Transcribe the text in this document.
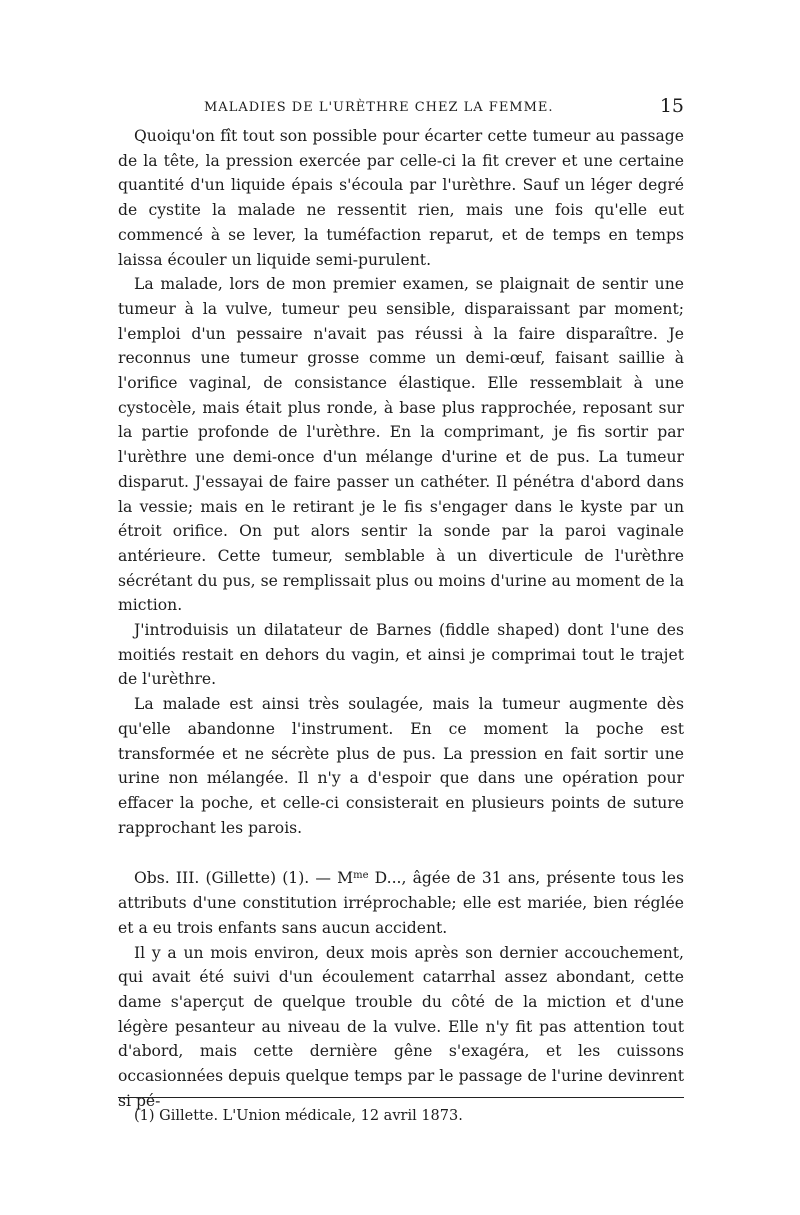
MALADIES DE L'URÈTHRE CHEZ LA FEMME.	15

Quoiqu'on fît tout son possible pour écarter cette tumeur au passage de la tête, la pression exercée par celle-ci la fit crever et une certaine quantité d'un liquide épais s'écoula par l'urèthre. Sauf un léger degré de cystite la malade ne ressentit rien, mais une fois qu'elle eut commencé à se lever, la tuméfaction reparut, et de temps en temps laissa écouler un liquide semi-purulent.

La malade, lors de mon premier examen, se plaignait de sentir une tumeur à la vulve, tumeur peu sensible, disparaissant par moment; l'emploi d'un pessaire n'avait pas réussi à la faire disparaître. Je reconnus une tumeur grosse comme un demi-œuf, faisant saillie à l'orifice vaginal, de consistance élastique. Elle ressemblait à une cystocèle, mais était plus ronde, à base plus rapprochée, reposant sur la partie profonde de l'urèthre. En la comprimant, je fis sortir par l'urèthre une demi-once d'un mélange d'urine et de pus. La tumeur disparut. J'essayai de faire passer un cathéter. Il pénétra d'abord dans la vessie; mais en le retirant je le fis s'engager dans le kyste par un étroit orifice. On put alors sentir la sonde par la paroi vaginale antérieure. Cette tumeur, semblable à un diverticule de l'urèthre sécrétant du pus, se remplissait plus ou moins d'urine au moment de la miction.

J'introduisis un dilatateur de Barnes (fiddle shaped) dont l'une des moitiés restait en dehors du vagin, et ainsi je comprimai tout le trajet de l'urèthre.

La malade est ainsi très soulagée, mais la tumeur augmente dès qu'elle abandonne l'instrument. En ce moment la poche est transformée et ne sécrète plus de pus. La pression en fait sortir une urine non mélangée. Il n'y a d'espoir que dans une opération pour effacer la poche, et celle-ci consisterait en plusieurs points de suture rapprochant les parois.

Obs. III. (Gillette) (1). — $M^{me}$ D..., âgée de 31 ans, présente tous les attributs d'une constitution irréprochable; elle est mariée, bien réglée et a eu trois enfants sans aucun accident.

Il y a un mois environ, deux mois après son dernier accouchement, qui avait été suivi d'un écoulement catarrhal assez abondant, cette dame s'aperçut de quelque trouble du côté de la miction et d'une légère pesanteur au niveau de la vulve. Elle n'y fit pas attention tout d'abord, mais cette dernière gêne s'exagéra, et les cuissons occasionnées depuis quelque temps par le passage de l'urine devinrent si pé-

(1) Gillette. L'Union médicale, 12 avril 1873.
